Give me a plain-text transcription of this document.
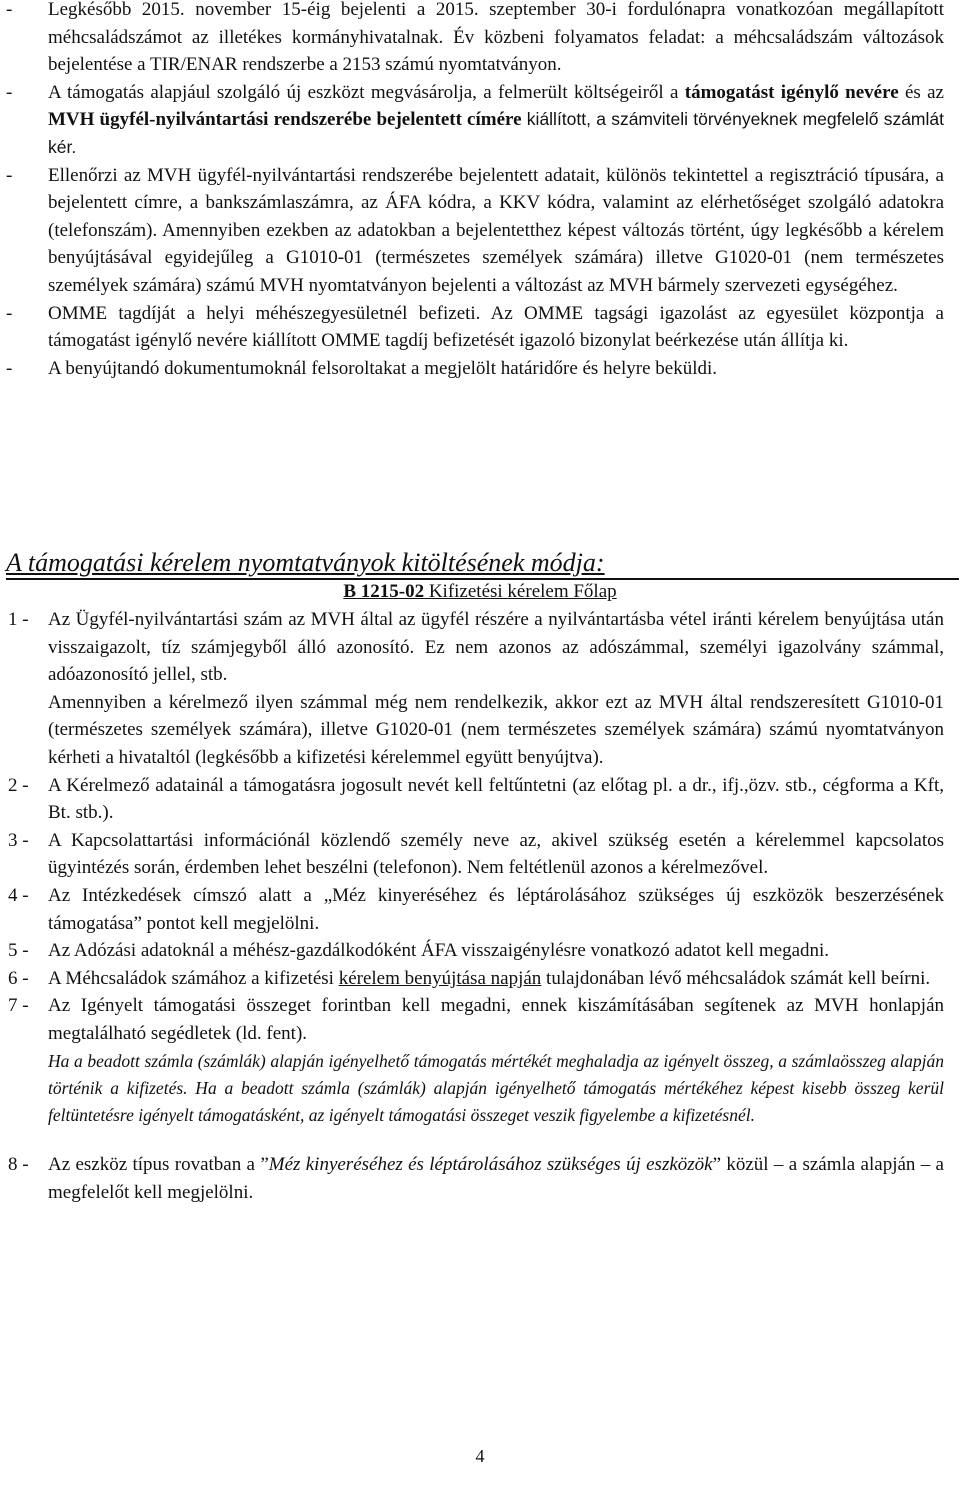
- Legkésőbb 2015. november 15-éig bejelenti a 2015. szeptember 30-i fordulónapra vonatkozóan megállapított méhcsaládszámot az illetékes kormányhivatalnak. Év közbeni folyamatos feladat: a méhcsaládszám változások bejelentése a TIR/ENAR rendszerbe a 2153 számú nyomtatványon.

- A támogatás alapjául szolgáló új eszközt megvásárolja, a felmerült költségeiről a támogatást igénylő nevére és az MVH ügyfél-nyilvántartási rendszerébe bejelentett címére kiállított, a számviteli törvényeknek megfelelő számlát kér.

- Ellenőrzi az MVH ügyfél-nyilvántartási rendszerébe bejelentett adatait, különös tekintettel a regisztráció típusára, a bejelentett címre, a bankszámlaszámra, az ÁFA kódra, a KKV kódra, valamint az elérhetőséget szolgáló adatokra (telefonszám). Amennyiben ezekben az adatokban a bejelentetthez képest változás történt, úgy legkésőbb a kérelem benyújtásával egyidejűleg a G1010-01 (természetes személyek számára) illetve G1020-01 (nem természetes személyek számára) számú MVH nyomtatványon bejelenti a változást az MVH bármely szervezeti egységéhez.

- OMME tagdíját a helyi méhészegyesületnél befizeti. Az OMME tagsági igazolást az egyesület központja a támogatást igénylő nevére kiállított OMME tagdíj befizetését igazoló bizonylat beérkezése után állítja ki.

- A benyújtandó dokumentumoknál felsoroltakat a megjelölt határidőre és helyre beküldi.

A támogatási kérelem nyomtatványok kitöltésének módja:
B 1215-02 Kifizetési kérelem Főlap

1 - Az Ügyfél-nyilvántartási szám az MVH által az ügyfél részére a nyilvántartásba vétel iránti kérelem benyújtása után visszaigazolt, tíz számjegyből álló azonosító. Ez nem azonos az adószámmal, személyi igazolvány számmal, adóazonosító jellel, stb.

Amennyiben a kérelmező ilyen számmal még nem rendelkezik, akkor ezt az MVH által rendszeresített G1010-01 (természetes személyek számára), illetve G1020-01 (nem természetes személyek számára) számú nyomtatványon kérheti a hivataltól (legkésőbb a kifizetési kérelemmel együtt benyújtva).

2 - A Kérelmező adatainál a támogatásra jogosult nevét kell feltűntetni (az előtag pl. a dr., ifj.,özv. stb., cégforma a Kft, Bt. stb.).

3 - A Kapcsolattartási információnál közlendő személy neve az, akivel szükség esetén a kérelemmel kapcsolatos ügyintézés során, érdemben lehet beszélni (telefonon). Nem feltétlenül azonos a kérelmezővel.

4 - Az Intézkedések címszó alatt a „Méz kinyeréséhez és léptárolásához szükséges új eszközök beszerzésének támogatása” pontot kell megjelölni.

5 - Az Adózási adatoknál a méhész-gazdálkodóként ÁFA visszaigénylésre vonatkozó adatot kell megadni.

6 - A Méhcsaládok számához a kifizetési kérelem benyújtása napján tulajdonában lévő méhcsaládok számát kell beírni.

7 - Az Igényelt támogatási összeget forintban kell megadni, ennek kiszámításában segítenek az MVH honlapján megtalálható segédletek (ld. fent).

Ha a beadott számla (számlák) alapján igényelhető támogatás mértékét meghaladja az igényelt összeg, a számlaösszeg alapján történik a kifizetés. Ha a beadott számla (számlák) alapján igényelhető támogatás mértékéhez képest kisebb összeg kerül feltüntetésre igényelt támogatásként, az igényelt támogatási összeget veszik figyelembe a kifizetésnél.

8 - Az eszköz típus rovatban a ”Méz kinyeréséhez és léptárolásához szükséges új eszközök” közül – a számla alapján – a megfelelőt kell megjelölni.

4
